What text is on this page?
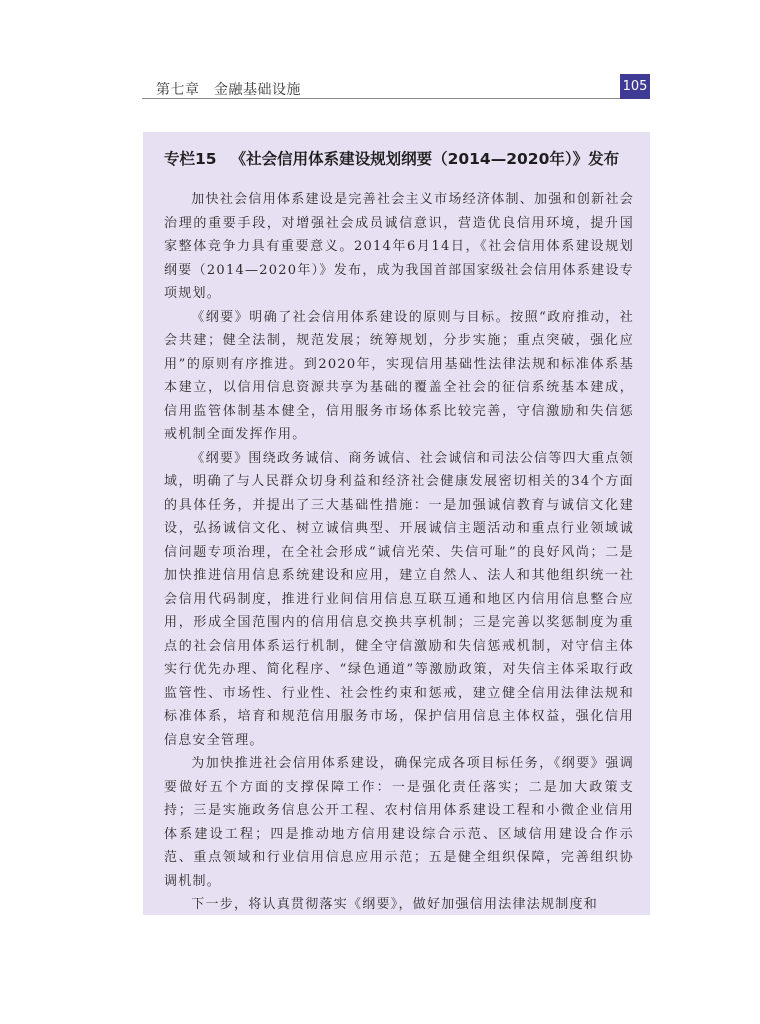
第七章　金融基础设施	105
专栏15 《社会信用体系建设规划纲要（2014—2020年）》发布

加快社会信用体系建设是完善社会主义市场经济体制、加强和创新社会治理的重要手段，对增强社会成员诚信意识，营造优良信用环境，提升国家整体竞争力具有重要意义。2014年6月14日，《社会信用体系建设规划纲要（2014—2020年）》发布，成为我国首部国家级社会信用体系建设专项规划。

《纲要》明确了社会信用体系建设的原则与目标。按照“政府推动，社会共建；健全法制，规范发展；统筹规划，分步实施；重点突破，强化应用”的原则有序推进。到2020年，实现信用基础性法律法规和标准体系基本建立，以信用信息资源共享为基础的覆盖全社会的征信系统基本建成，信用监管体制基本健全，信用服务市场体系比较完善，守信激励和失信惩戒机制全面发挥作用。

《纲要》围绕政务诚信、商务诚信、社会诚信和司法公信等四大重点领域，明确了与人民群众切身利益和经济社会健康发展密切相关的34个方面的具体任务，并提出了三大基础性措施：一是加强诚信教育与诚信文化建设，弘扬诚信文化、树立诚信典型、开展诚信主题活动和重点行业领域诚信问题专项治理，在全社会形成“诚信光荣、失信可耻”的良好风尚；二是加快推进信用信息系统建设和应用，建立自然人、法人和其他组织统一社会信用代码制度，推进行业间信用信息互联互通和地区内信用信息整合应用，形成全国范围内的信用信息交换共享机制；三是完善以奖惩制度为重点的社会信用体系运行机制，健全守信激励和失信惩戒机制，对守信主体实行优先办理、简化程序、“绿色通道”等激励政策，对失信主体采取行政监管性、市场性、行业性、社会性约束和惩戒，建立健全信用法律法规和标准体系，培育和规范信用服务市场，保护信用信息主体权益，强化信用信息安全管理。

为加快推进社会信用体系建设，确保完成各项目标任务，《纲要》强调要做好五个方面的支撑保障工作：一是强化责任落实；二是加大政策支持；三是实施政务信息公开工程、农村信用体系建设工程和小微企业信用体系建设工程；四是推动地方信用建设综合示范、区域信用建设合作示范、重点领域和行业信用信息应用示范；五是健全组织保障，完善组织协调机制。

下一步，将认真贯彻落实《纲要》，做好加强信用法律法规制度和
